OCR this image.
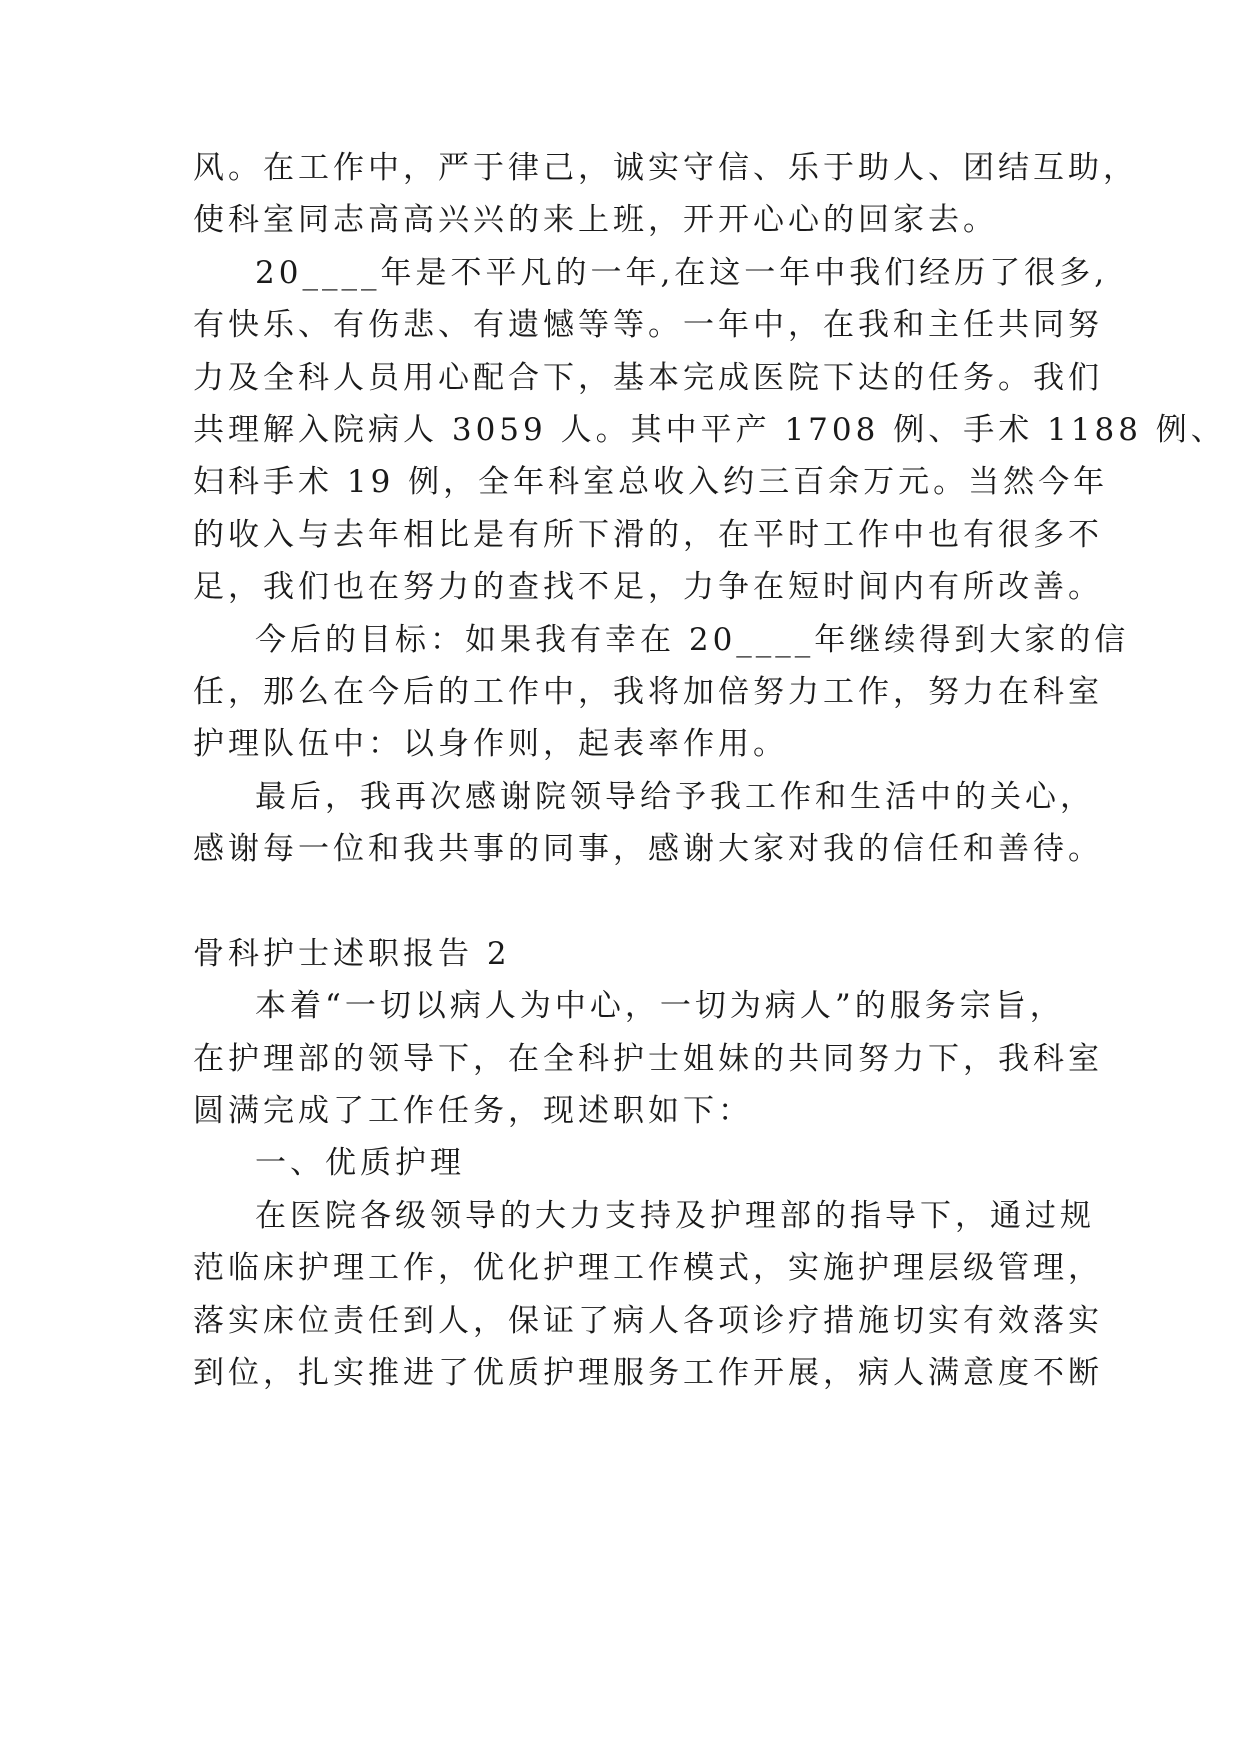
风。在工作中，严于律己，诚实守信、乐于助人、团结互助，
使科室同志高高兴兴的来上班，开开心心的回家去。
20____年是不平凡的一年,在这一年中我们经历了很多,
有快乐、有伤悲、有遗憾等等。一年中，在我和主任共同努
力及全科人员用心配合下，基本完成医院下达的任务。我们
共理解入院病人 3059 人。其中平产 1708 例、手术 1188 例、
妇科手术 19 例，全年科室总收入约三百余万元。当然今年
的收入与去年相比是有所下滑的，在平时工作中也有很多不
足，我们也在努力的查找不足，力争在短时间内有所改善。
今后的目标：如果我有幸在 20____年继续得到大家的信
任，那么在今后的工作中，我将加倍努力工作，努力在科室
护理队伍中：以身作则，起表率作用。
最后，我再次感谢院领导给予我工作和生活中的关心，
感谢每一位和我共事的同事，感谢大家对我的信任和善待。
骨科护士述职报告 2
本着“一切以病人为中心，一切为病人”的服务宗旨，
在护理部的领导下，在全科护士姐妹的共同努力下，我科室
圆满完成了工作任务，现述职如下：
一、优质护理
在医院各级领导的大力支持及护理部的指导下，通过规
范临床护理工作，优化护理工作模式，实施护理层级管理，
落实床位责任到人，保证了病人各项诊疗措施切实有效落实
到位，扎实推进了优质护理服务工作开展，病人满意度不断
